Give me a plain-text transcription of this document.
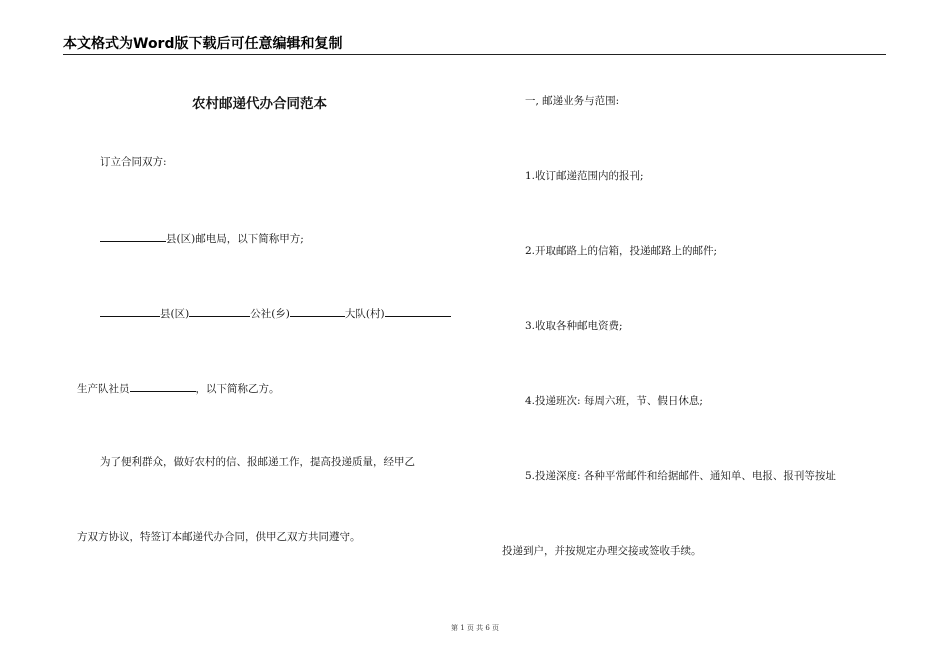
本文格式为Word版下载后可任意编辑和复制
农村邮递代办合同范本
订立合同双方:
县(区)邮电局，以下简称甲方;
县(区)	公社(乡)	大队(村)
生产队社员	，以下简称乙方。
为了便利群众，做好农村的信、报邮递工作，提高投递质量，经甲乙
方双方协议，特签订本邮递代办合同，供甲乙双方共同遵守。
一, 邮递业务与范围:
1.收订邮递范围内的报刊;
2.开取邮路上的信箱，投递邮路上的邮件;
3.收取各种邮电资费;
4.投递班次: 每周六班，节、假日休息;
5.投递深度: 各种平常邮件和给据邮件、通知单、电报、报刊等按址
投递到户，并按规定办理交接或签收手续。
第 1 页 共 6 页
